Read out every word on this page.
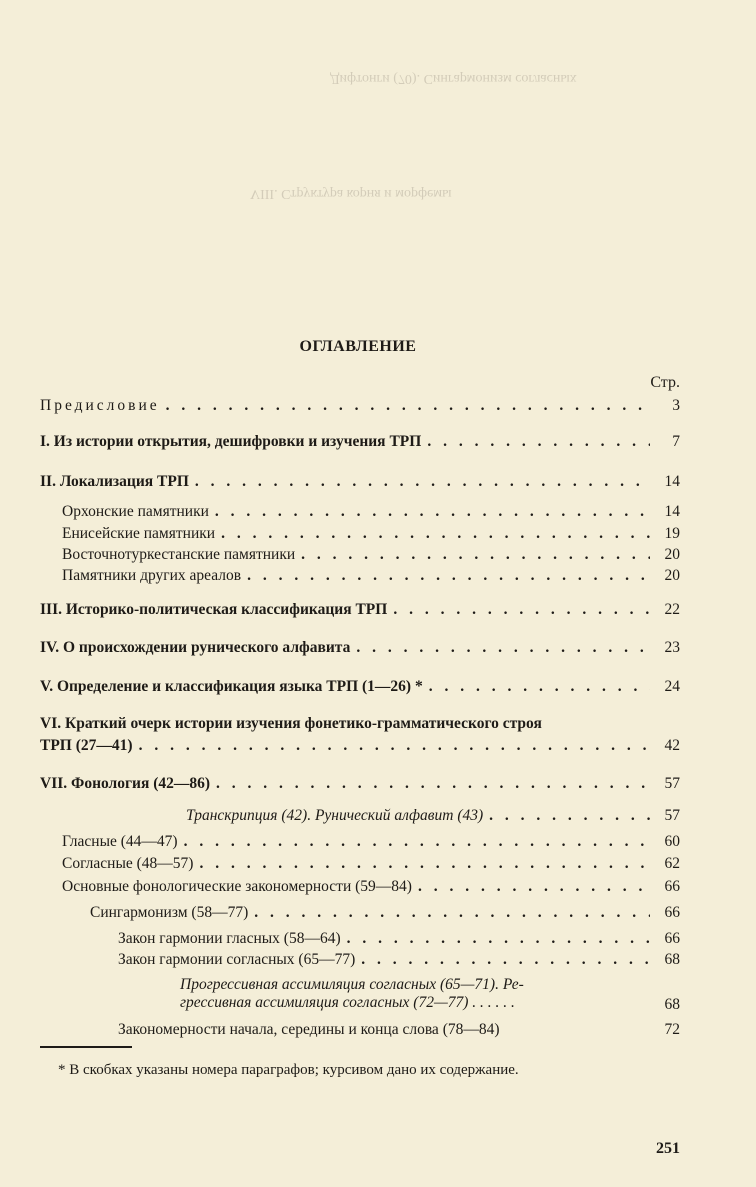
Дифтонги (70). Сингармонизм согласных
VIII. Структура корня и морфемы
ОГЛАВЛЕНИЕ
Стр.
Предисловие . . .	3
I. Из истории открытия, дешифровки и изучения ТРП . . .	7
II. Локализация ТРП . . .	14
Орхонские памятники . . .	14
Енисейские памятники . . .	19
Восточнотуркестанские памятники . . .	20
Памятники других ареалов . . .	20
III. Историко-политическая классификация ТРП . . .	22
IV. О происхождении рунического алфавита . . .	23
V. Определение и классификация языка ТРП (1—26) * . . .	24
VI. Краткий очерк истории изучения фонетико-грамматического строя
ТРП (27—41) . . .	42
VII. Фонология (42—86) . . .	57
Транскрипция (42). Рунический алфавит (43) . . .	57
Гласные (44—47) . . .	60
Согласные (48—57) . . .	62
Основные фонологические закономерности (59—84) . . .	66
Сингармонизм (58—77) . . .	66
Закон гармонии гласных (58—64) . . .	66
Закон гармонии согласных (65—77) . . .	68
Прогрессивная ассимиляция согласных (65—71). Ре-
грессивная ассимиляция согласных (72—77) . . . . . .	68
Закономерности начала, середины и конца слова (78—84)	72
* В скобках указаны номера параграфов; курсивом дано их содержание.
251
